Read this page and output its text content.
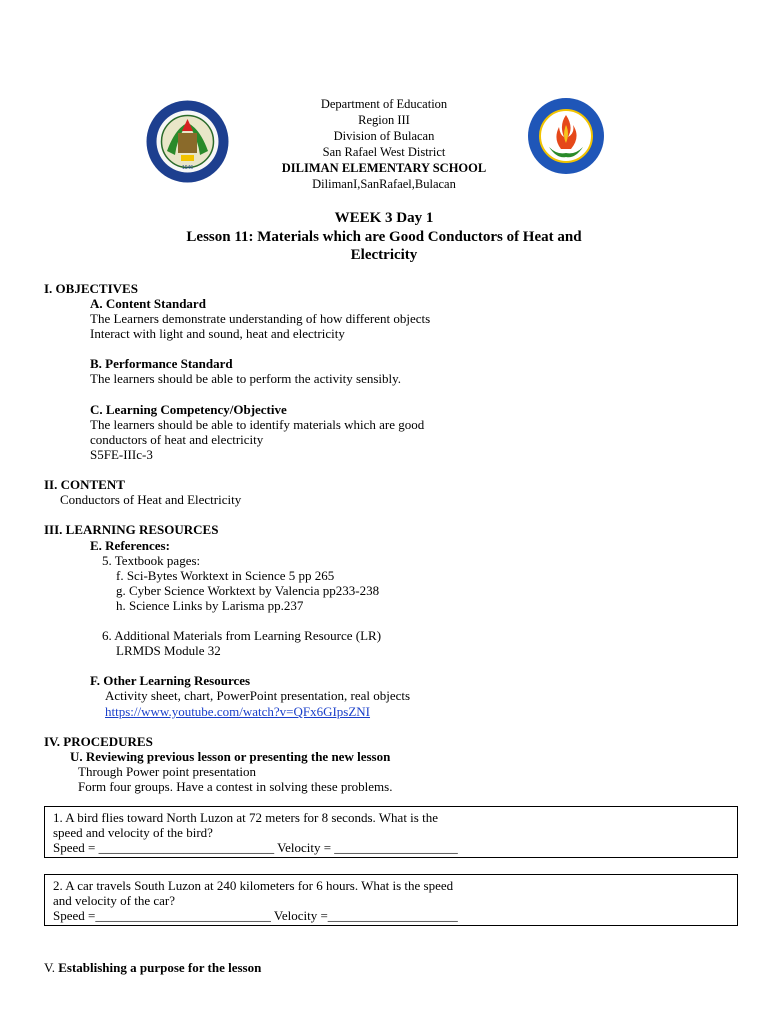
1946
Department of Education
Region III
Division of Bulacan
San Rafael West District
DILIMAN ELEMENTARY SCHOOL
DilimanI,SanRafael,Bulacan
WEEK 3 Day 1
Lesson 11: Materials which are Good Conductors of Heat and
Electricity
I. OBJECTIVES
A. Content Standard
The Learners demonstrate understanding of how different objects
Interact with light and sound, heat and electricity
B. Performance Standard
The learners should be able to perform the activity sensibly.
C. Learning Competency/Objective
The learners should be able to identify materials which are good
conductors of heat and electricity
S5FE-IIIc-3
II. CONTENT
Conductors of Heat and Electricity
III. LEARNING RESOURCES
E. References:
5. Textbook pages:
f. Sci-Bytes Worktext in Science 5 pp 265
g. Cyber Science Worktext by Valencia pp233-238
h. Science Links by Larisma pp.237
6. Additional Materials from Learning Resource (LR)
LRMDS Module 32
F. Other Learning Resources
Activity sheet, chart, PowerPoint presentation, real objects
https://www.youtube.com/watch?v=QFx6GIpsZNI
IV. PROCEDURES
U. Reviewing previous lesson or presenting the new lesson
Through Power point presentation
Form four groups. Have a contest in solving these problems.
1. A bird flies toward North Luzon at 72 meters for 8 seconds. What is the
speed and velocity of the bird?
Speed = ___________________________ Velocity = ___________________
2. A car travels South Luzon at 240 kilometers for 6 hours. What is the speed
and velocity of the car?
Speed =___________________________ Velocity =____________________
V. Establishing a purpose for the lesson
